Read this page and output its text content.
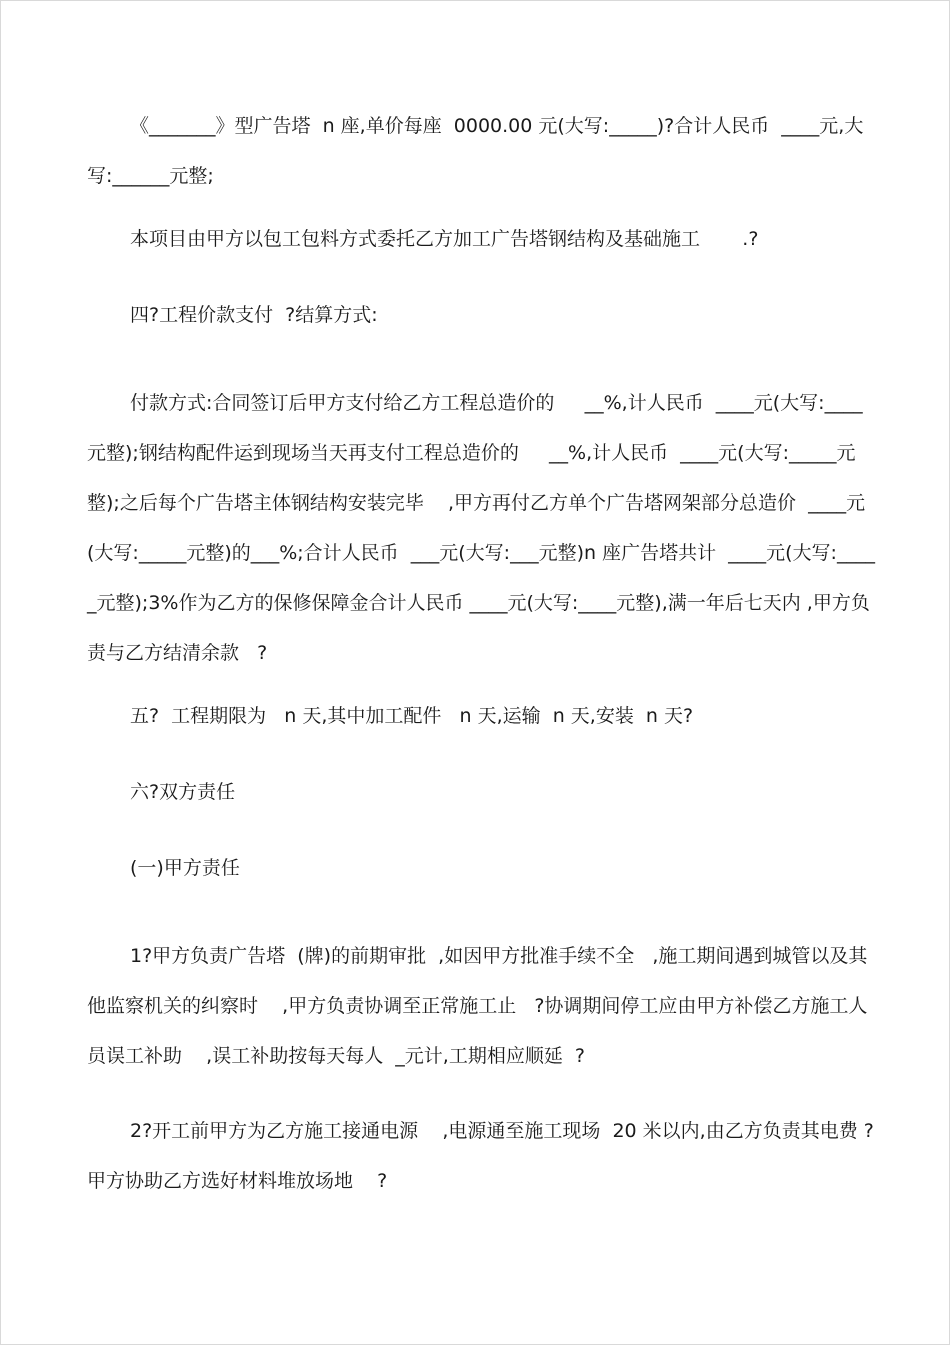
《_______》型广告塔  n 座,单价每座  0000.00 元(大写:_____)?合计人民币  ____元,大写:______元整;

本项目由甲方以包工包料方式委托乙方加工广告塔钢结构及基础施工       .?

四?工程价款支付  ?结算方式:

付款方式:合同签订后甲方支付给乙方工程总造价的     __%,计人民币  ____元(大写:____元整);钢结构配件运到现场当天再支付工程总造价的     __%,计人民币  ____元(大写:_____元整);之后每个广告塔主体钢结构安装完毕    ,甲方再付乙方单个广告塔网架部分总造价  ____元(大写:_____元整)的___%;合计人民币  ___元(大写:___元整)n 座广告塔共计  ____元(大写:_____元整);3%作为乙方的保修保障金合计人民币 ____元(大写:____元整),满一年后七天内 ,甲方负责与乙方结清余款   ?

五?  工程期限为   n 天,其中加工配件   n 天,运输  n 天,安装  n 天?

六?双方责任

(一)甲方责任

1?甲方负责广告塔  (牌)的前期审批  ,如因甲方批准手续不全   ,施工期间遇到城管以及其他监察机关的纠察时    ,甲方负责协调至正常施工止   ?协调期间停工应由甲方补偿乙方施工人员误工补助    ,误工补助按每天每人  _元计,工期相应顺延  ?

2?开工前甲方为乙方施工接通电源    ,电源通至施工现场  20 米以内,由乙方负责其电费 ?甲方协助乙方选好材料堆放场地    ?
